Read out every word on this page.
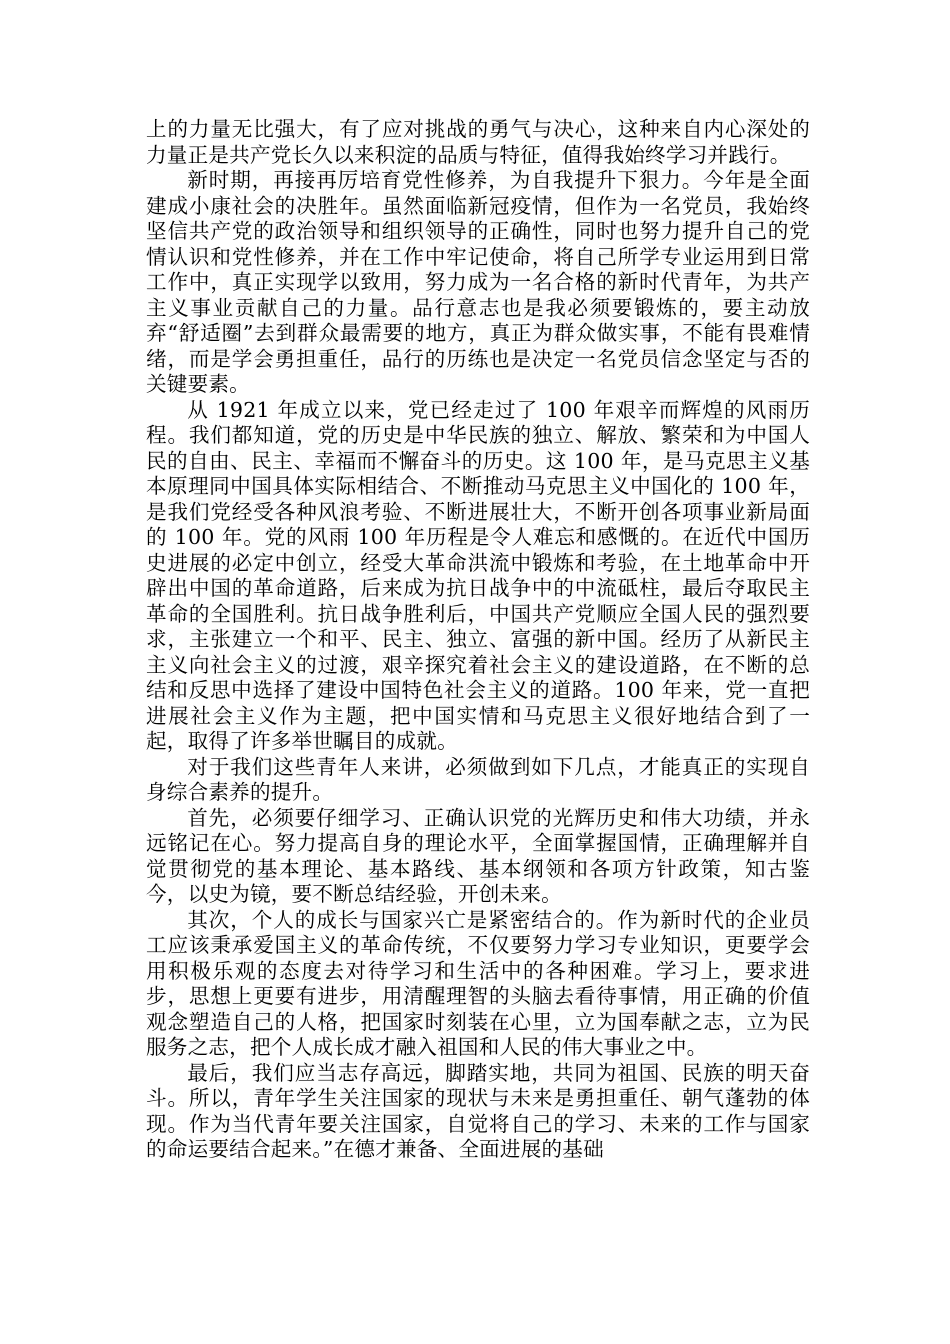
上的力量无比强大，有了应对挑战的勇气与决心，这种来自内心深处的力量正是共产党长久以来积淀的品质与特征，值得我始终学习并践行。

新时期，再接再厉培育党性修养，为自我提升下狠力。今年是全面建成小康社会的决胜年。虽然面临新冠疫情，但作为一名党员，我始终坚信共产党的政治领导和组织领导的正确性，同时也努力提升自己的党情认识和党性修养，并在工作中牢记使命，将自己所学专业运用到日常工作中，真正实现学以致用，努力成为一名合格的新时代青年，为共产主义事业贡献自己的力量。品行意志也是我必须要锻炼的，要主动放弃“舒适圈”去到群众最需要的地方，真正为群众做实事，不能有畏难情绪，而是学会勇担重任，品行的历练也是决定一名党员信念坚定与否的关键要素。

从 1921 年成立以来，党已经走过了 100 年艰辛而辉煌的风雨历程。我们都知道，党的历史是中华民族的独立、解放、繁荣和为中国人民的自由、民主、幸福而不懈奋斗的历史。这 100 年，是马克思主义基本原理同中国具体实际相结合、不断推动马克思主义中国化的 100 年，是我们党经受各种风浪考验、不断进展壮大，不断开创各项事业新局面的 100 年。党的风雨 100 年历程是令人难忘和感慨的。在近代中国历史进展的必定中创立，经受大革命洪流中锻炼和考验，在土地革命中开辟出中国的革命道路，后来成为抗日战争中的中流砥柱，最后夺取民主革命的全国胜利。抗日战争胜利后，中国共产党顺应全国人民的强烈要求，主张建立一个和平、民主、独立、富强的新中国。经历了从新民主主义向社会主义的过渡，艰辛探究着社会主义的建设道路，在不断的总结和反思中选择了建设中国特色社会主义的道路。100 年来，党一直把进展社会主义作为主题，把中国实情和马克思主义很好地结合到了一起，取得了许多举世瞩目的成就。

对于我们这些青年人来讲，必须做到如下几点，才能真正的实现自身综合素养的提升。

首先，必须要仔细学习、正确认识党的光辉历史和伟大功绩，并永远铭记在心。努力提高自身的理论水平，全面掌握国情，正确理解并自觉贯彻党的基本理论、基本路线、基本纲领和各项方针政策，知古鉴今，以史为镜，要不断总结经验，开创未来。

其次，个人的成长与国家兴亡是紧密结合的。作为新时代的企业员工应该秉承爱国主义的革命传统，不仅要努力学习专业知识，更要学会用积极乐观的态度去对待学习和生活中的各种困难。学习上，要求进步，思想上更要有进步，用清醒理智的头脑去看待事情，用正确的价值观念塑造自己的人格，把国家时刻装在心里，立为国奉献之志，立为民服务之志，把个人成长成才融入祖国和人民的伟大事业之中。

最后，我们应当志存高远，脚踏实地，共同为祖国、民族的明天奋斗。所以，青年学生关注国家的现状与未来是勇担重任、朝气蓬勃的体现。作为当代青年要关注国家，自觉将自己的学习、未来的工作与国家的命运要结合起来。”在德才兼备、全面进展的基础
